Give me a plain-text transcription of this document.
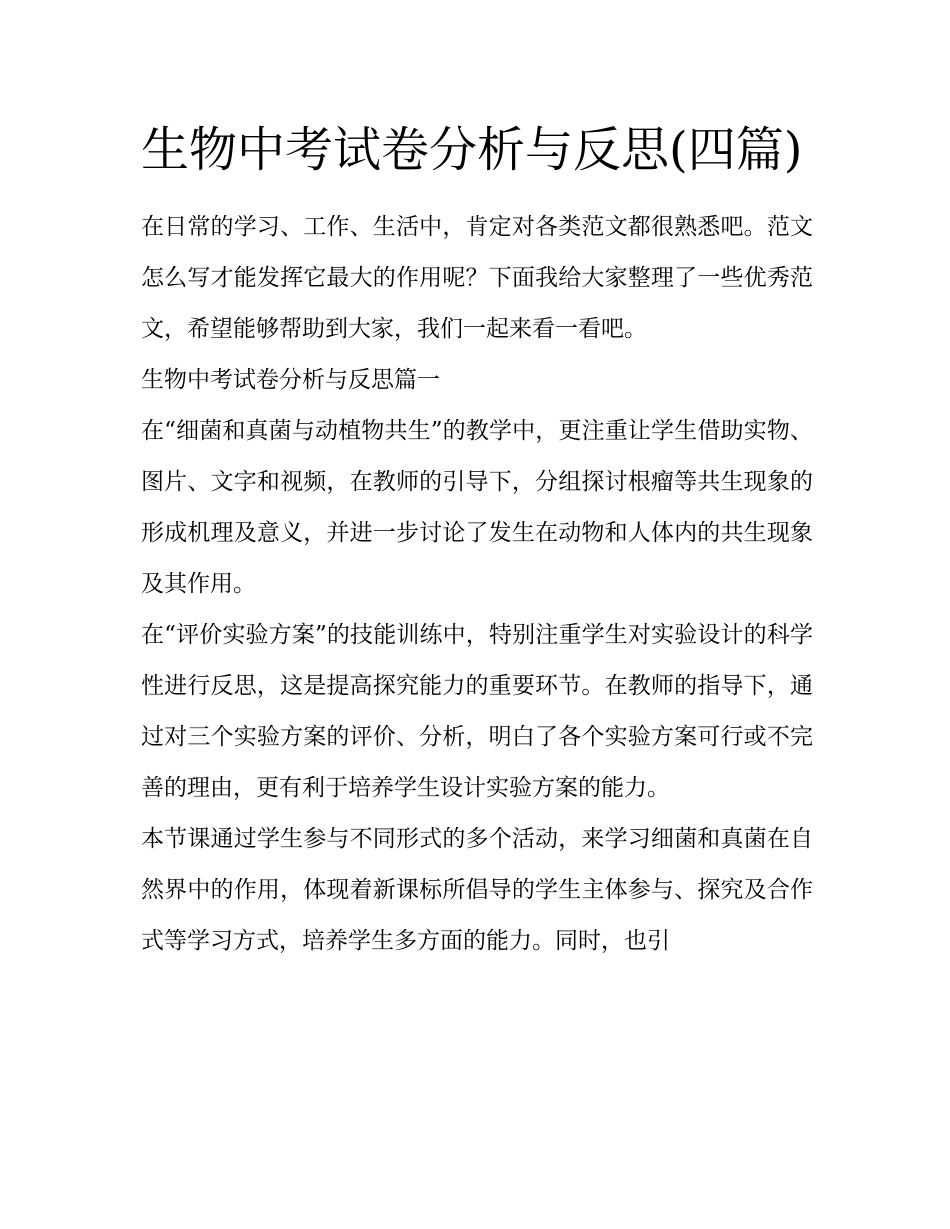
生物中考试卷分析与反思(四篇)

在日常的学习、工作、生活中，肯定对各类范文都很熟悉吧。范文怎么写才能发挥它最大的作用呢？下面我给大家整理了一些优秀范文，希望能够帮助到大家，我们一起来看一看吧。

生物中考试卷分析与反思篇一

在“细菌和真菌与动植物共生”的教学中，更注重让学生借助实物、图片、文字和视频，在教师的引导下，分组探讨根瘤等共生现象的形成机理及意义，并进一步讨论了发生在动物和人体内的共生现象及其作用。

在“评价实验方案”的技能训练中，特别注重学生对实验设计的科学性进行反思，这是提高探究能力的重要环节。在教师的指导下，通过对三个实验方案的评价、分析，明白了各个实验方案可行或不完善的理由，更有利于培养学生设计实验方案的能力。

本节课通过学生参与不同形式的多个活动，来学习细菌和真菌在自然界中的作用，体现着新课标所倡导的学生主体参与、探究及合作式等学习方式，培养学生多方面的能力。同时，也引
